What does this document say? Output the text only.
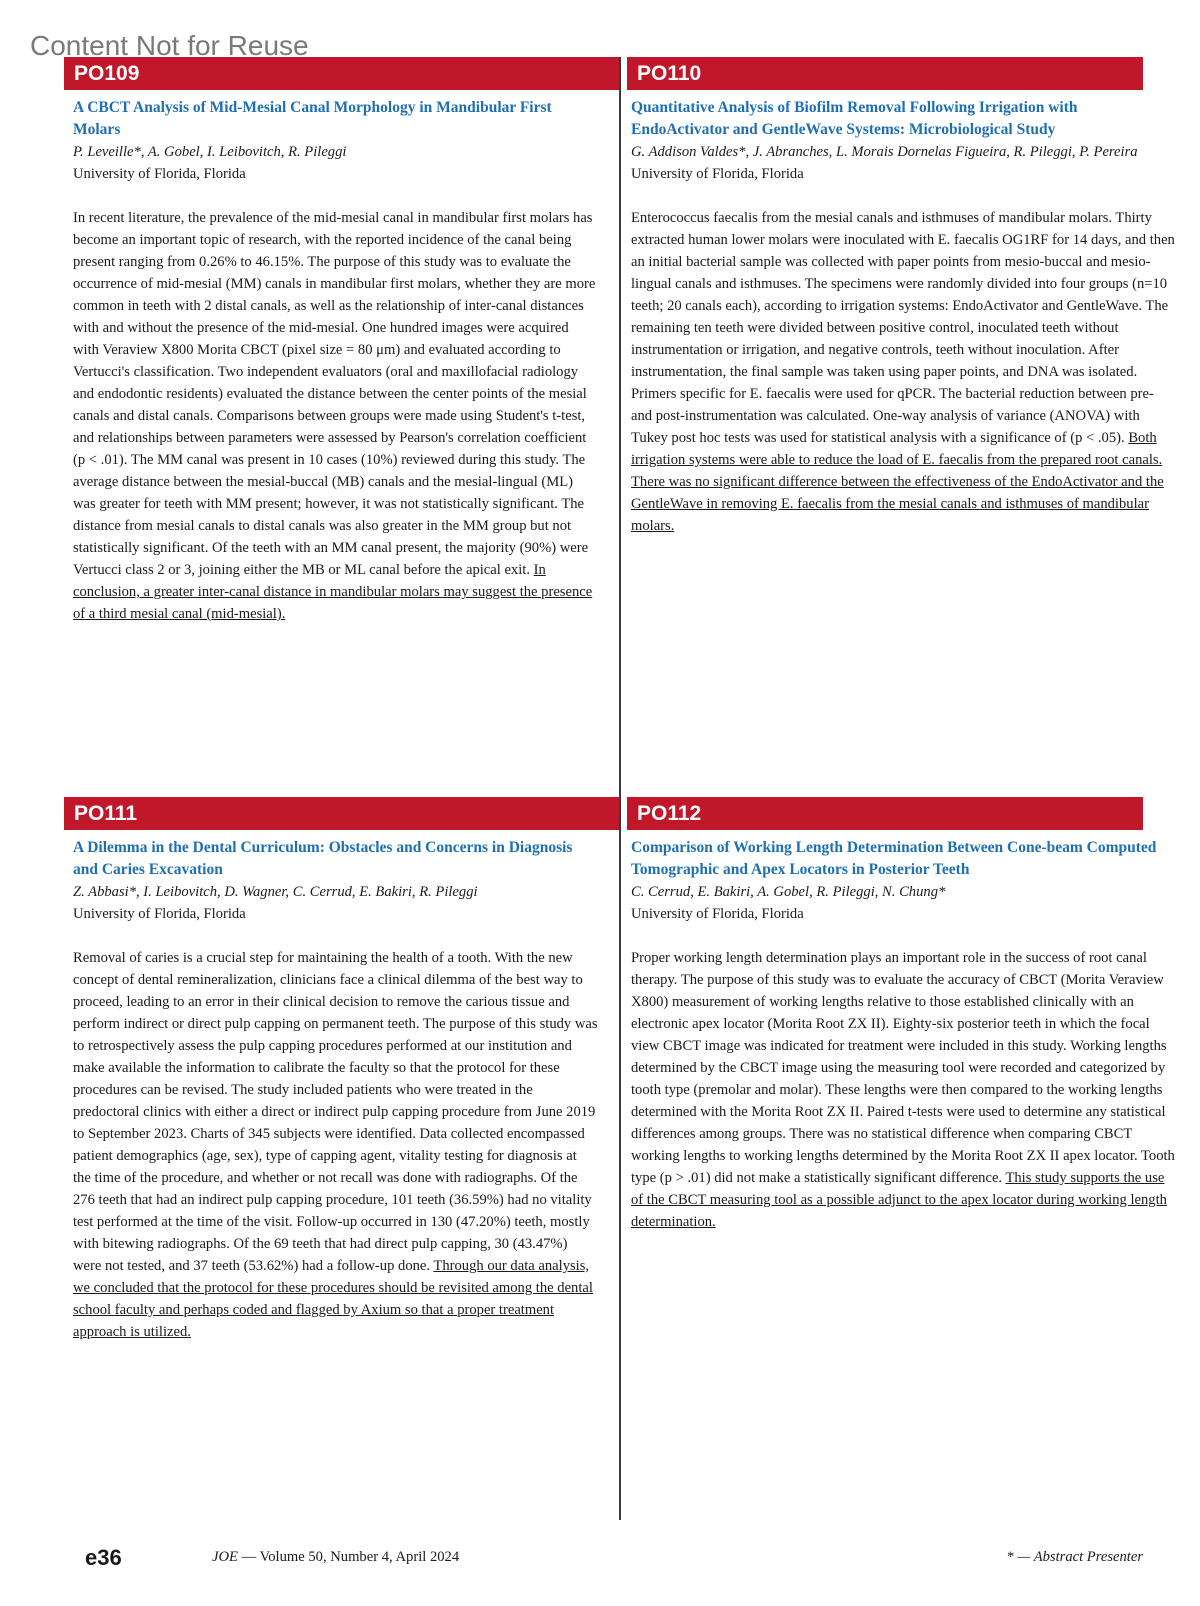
Content Not for Reuse
PO109
A CBCT Analysis of Mid-Mesial Canal Morphology in Mandibular First Molars
P. Leveille*, A. Gobel, I. Leibovitch, R. Pileggi
University of Florida, Florida
In recent literature, the prevalence of the mid-mesial canal in mandibular first molars has become an important topic of research, with the reported incidence of the canal being present ranging from 0.26% to 46.15%. The purpose of this study was to evaluate the occurrence of mid-mesial (MM) canals in mandibular first molars, whether they are more common in teeth with 2 distal canals, as well as the relationship of inter-canal distances with and without the presence of the mid-mesial. One hundred images were acquired with Veraview X800 Morita CBCT (pixel size = 80 μm) and evaluated according to Vertucci's classification. Two independent evaluators (oral and maxillofacial radiology and endodontic residents) evaluated the distance between the center points of the mesial canals and distal canals. Comparisons between groups were made using Student's t-test, and relationships between parameters were assessed by Pearson's correlation coefficient (p < .01). The MM canal was present in 10 cases (10%) reviewed during this study. The average distance between the mesial-buccal (MB) canals and the mesial-lingual (ML) was greater for teeth with MM present; however, it was not statistically significant. The distance from mesial canals to distal canals was also greater in the MM group but not statistically significant. Of the teeth with an MM canal present, the majority (90%) were Vertucci class 2 or 3, joining either the MB or ML canal before the apical exit. In conclusion, a greater inter-canal distance in mandibular molars may suggest the presence of a third mesial canal (mid-mesial).
PO110
Quantitative Analysis of Biofilm Removal Following Irrigation with EndoActivator and GentleWave Systems: Microbiological Study
G. Addison Valdes*, J. Abranches, L. Morais Dornelas Figueira, R. Pileggi, P. Pereira
University of Florida, Florida
Enterococcus faecalis from the mesial canals and isthmuses of mandibular molars. Thirty extracted human lower molars were inoculated with E. faecalis OG1RF for 14 days, and then an initial bacterial sample was collected with paper points from mesio-buccal and mesio-lingual canals and isthmuses. The specimens were randomly divided into four groups (n=10 teeth; 20 canals each), according to irrigation systems: EndoActivator and GentleWave. The remaining ten teeth were divided between positive control, inoculated teeth without instrumentation or irrigation, and negative controls, teeth without inoculation. After instrumentation, the final sample was taken using paper points, and DNA was isolated. Primers specific for E. faecalis were used for qPCR. The bacterial reduction between pre- and post-instrumentation was calculated. One-way analysis of variance (ANOVA) with Tukey post hoc tests was used for statistical analysis with a significance of (p < .05). Both irrigation systems were able to reduce the load of E. faecalis from the prepared root canals. There was no significant difference between the effectiveness of the EndoActivator and the GentleWave in removing E. faecalis from the mesial canals and isthmuses of mandibular molars.
PO111
A Dilemma in the Dental Curriculum: Obstacles and Concerns in Diagnosis and Caries Excavation
Z. Abbasi*, I. Leibovitch, D. Wagner, C. Cerrud, E. Bakiri, R. Pileggi
University of Florida, Florida
Removal of caries is a crucial step for maintaining the health of a tooth. With the new concept of dental remineralization, clinicians face a clinical dilemma of the best way to proceed, leading to an error in their clinical decision to remove the carious tissue and perform indirect or direct pulp capping on permanent teeth. The purpose of this study was to retrospectively assess the pulp capping procedures performed at our institution and make available the information to calibrate the faculty so that the protocol for these procedures can be revised. The study included patients who were treated in the predoctoral clinics with either a direct or indirect pulp capping procedure from June 2019 to September 2023. Charts of 345 subjects were identified. Data collected encompassed patient demographics (age, sex), type of capping agent, vitality testing for diagnosis at the time of the procedure, and whether or not recall was done with radiographs. Of the 276 teeth that had an indirect pulp capping procedure, 101 teeth (36.59%) had no vitality test performed at the time of the visit. Follow-up occurred in 130 (47.20%) teeth, mostly with bitewing radiographs. Of the 69 teeth that had direct pulp capping, 30 (43.47%) were not tested, and 37 teeth (53.62%) had a follow-up done. Through our data analysis, we concluded that the protocol for these procedures should be revisited among the dental school faculty and perhaps coded and flagged by Axium so that a proper treatment approach is utilized.
PO112
Comparison of Working Length Determination Between Cone-beam Computed Tomographic and Apex Locators in Posterior Teeth
C. Cerrud, E. Bakiri, A. Gobel, R. Pileggi, N. Chung*
University of Florida, Florida
Proper working length determination plays an important role in the success of root canal therapy. The purpose of this study was to evaluate the accuracy of CBCT (Morita Veraview X800) measurement of working lengths relative to those established clinically with an electronic apex locator (Morita Root ZX II). Eighty-six posterior teeth in which the focal view CBCT image was indicated for treatment were included in this study. Working lengths determined by the CBCT image using the measuring tool were recorded and categorized by tooth type (premolar and molar). These lengths were then compared to the working lengths determined with the Morita Root ZX II. Paired t-tests were used to determine any statistical differences among groups. There was no statistical difference when comparing CBCT working lengths to working lengths determined by the Morita Root ZX II apex locator. Tooth type (p > .01) did not make a statistically significant difference. This study supports the use of the CBCT measuring tool as a possible adjunct to the apex locator during working length determination.
e36	JOE — Volume 50, Number 4, April 2024	* — Abstract Presenter
